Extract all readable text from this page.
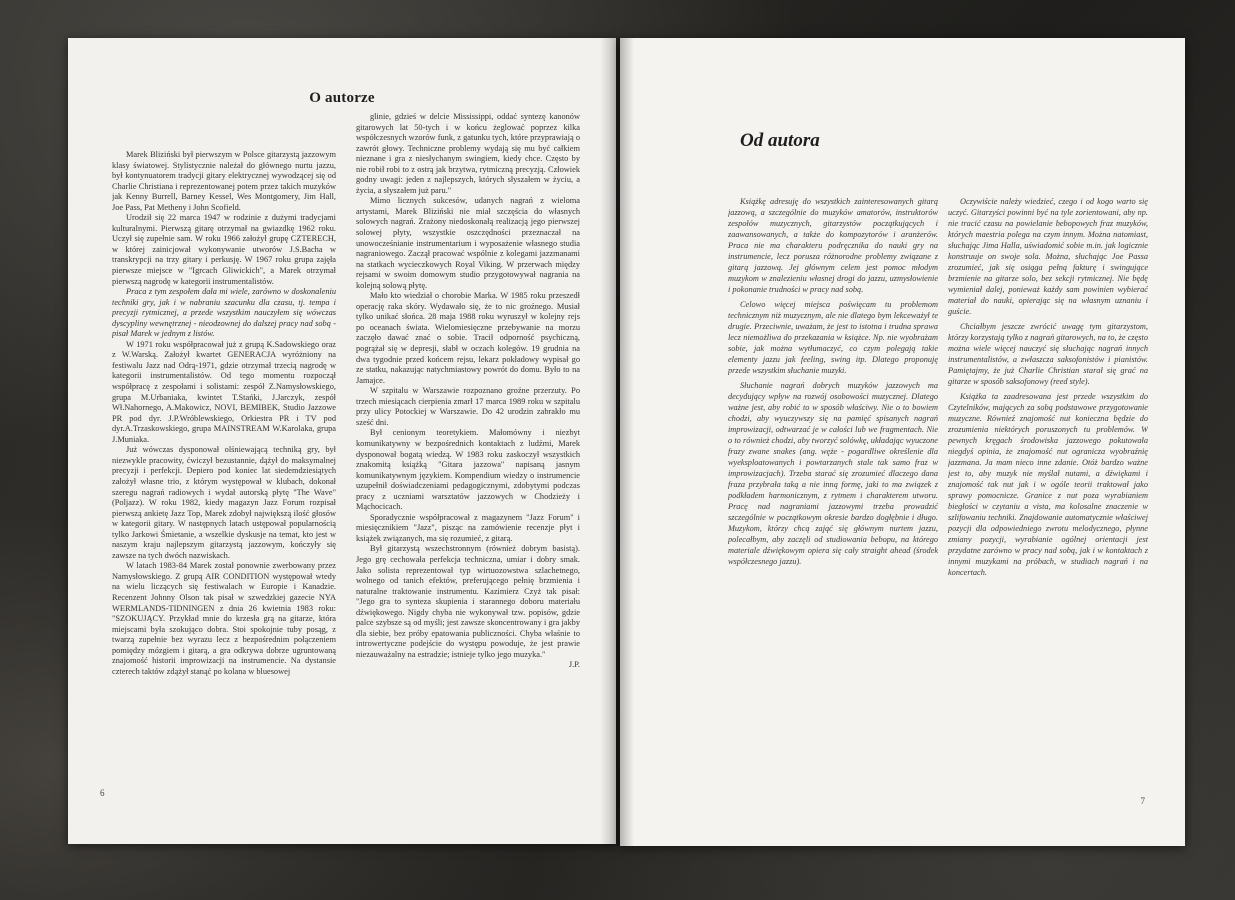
O autorze

Marek Bliziński był pierwszym w Polsce gitarzystą jazzowym klasy światowej. Stylistycznie należał do głównego nurtu jazzu, był kontynuatorem tradycji gitary elektrycznej wywodzącej się od Charlie Christiana i reprezentowanej potem przez takich muzyków jak Kenny Burrell, Barney Kessel, Wes Montgomery, Jim Hall, Joe Pass, Pat Metheny i John Scofield.

Urodził się 22 marca 1947 w rodzinie z dużymi tradycjami kulturalnymi. Pierwszą gitarę otrzymał na gwiazdkę 1962 roku. Uczył się zupełnie sam. W roku 1966 założył grupę CZTERECH, w której zainicjował wykonywanie utworów J.S.Bacha w transkrypcji na trzy gitary i perkusję. W 1967 roku grupa zajęła pierwsze miejsce w "Igrcach Gliwickich", a Marek otrzymał pierwszą nagrodę w kategorii instrumentalistów.

Praca z tym zespołem dała mi wiele, zarówno w doskonaleniu techniki gry, jak i w nabraniu szacunku dla czasu, tj. tempa i precyzji rytmicznej, a przede wszystkim nauczyłem się wówczas dyscypliny wewnętrznej - nieodzownej do dalszej pracy nad sobą - pisał Marek w jednym z listów.

W 1971 roku współpracował już z grupą K.Sadowskiego oraz z W.Warską. Założył kwartet GENERACJA wyróżniony na festiwalu Jazz nad Odrą-1971, gdzie otrzymał trzecią nagrodę w kategorii instrumentalistów. Od tego momentu rozpoczął współpracę z zespołami i solistami: zespół Z.Namysłowskiego, grupa M.Urbaniaka, kwintet T.Stańki, J.Jarczyk, zespół Wł.Nahornego, A.Makowicz, NOVI, BEMIBEK, Studio Jazzowe PR pod dyr. J.P.Wróblewskiego, Orkiestra PR i TV pod dyr.A.Trzaskowskiego, grupa MAINSTREAM W.Karolaka, grupa J.Muniaka.

Już wówczas dysponował olśniewającą techniką gry, był niezwykle pracowity, ćwiczył bezustannie, dążył do maksymalnej precyzji i perfekcji. Depiero pod koniec lat siedemdziesiątych założył własne trio, z którym występował w klubach, dokonał szeregu nagrań radiowych i wydał autorską płytę "The Wave" (Poljazz). W roku 1982, kiedy magazyn Jazz Forum rozpisał pierwszą ankietę Jazz Top, Marek zdobył największą ilość głosów w kategorii gitary. W następnych latach ustępował popularnością tylko Jarkowi Śmietanie, a wszelkie dyskusje na temat, kto jest w naszym kraju najlepszym gitarzystą jazzowym, kończyły się zawsze na tych dwóch nazwiskach.

W latach 1983-84 Marek został ponownie zwerbowany przez Namysłowskiego. Z grupą AIR CONDITION występował wtedy na wielu liczących się festiwalach w Europie i Kanadzie. Recenzent Johnny Olson tak pisał w szwedzkiej gazecie NYA WERMLANDS-TIDNINGEN z dnia 26 kwietnia 1983 roku: "SZOKUJĄCY. Przykład mnie do krzesła grą na gitarze, która miejscami była szokująco dobra. Stoi spokojnie tuby posąg, z twarzą zupełnie bez wyrazu lecz z bezpośrednim połączeniem pomiędzy mózgiem i gitarą, a gra odkrywa dobrze ugruntowaną znajomość historii improwizacji na instrumencie. Na dystansie czterech taktów zdążył stanąć po kolana w bluesowej

glinie, gdzieś w delcie Mississippi, oddać syntezę kanonów gitarowych lat 50-tych i w końcu żeglować poprzez kilka współczesnych wzorów funk, z gatunku tych, które przyprawiają o zawrót głowy. Techniczne problemy wydają się mu być całkiem nieznane i gra z niesłychanym swingiem, kiedy chce. Często by nie robił robi to z ostrą jak brzytwa, rytmiczną precyzją. Człowiek godny uwagi: jeden z najlepszych, których słyszałem w życiu, a życia, a słyszałem już paru."

Mimo licznych sukcesów, udanych nagrań z wieloma artystami, Marek Bliziński nie miał szczęścia do własnych solowych nagrań. Zrażony niedoskonałą realizacją jego pierwszej solowej płyty, wszystkie oszczędności przeznaczał na unowocześnianie instrumentarium i wyposażenie własnego studia nagraniowego. Zaczął pracować wspólnie z kolegami jazzmanami na statkach wycieczkowych Royal Viking. W przerwach między rejsami w swoim domowym studio przygotowywał nagrania na kolejną solową płytę.

Mało kto wiedział o chorobie Marka. W 1985 roku przeszedł operację raka skóry. Wydawało się, że to nic groźnego. Musiał tylko unikać słońca. 28 maja 1988 roku wyruszył w kolejny rejs po oceanach świata. Wielomiesięczne przebywanie na morzu zaczęło dawać znać o sobie. Tracił odporność psychiczną, pogrążał się w depresji, słabł w oczach kolegów. 19 grudnia na dwa tygodnie przed końcem rejsu, lekarz pokładowy wypisał go ze statku, nakazując natychmiastowy powrót do domu. Było to na Jamajce.

W szpitalu w Warszawie rozpoznano groźne przerzuty. Po trzech miesiącach cierpienia zmarł 17 marca 1989 roku w szpitalu przy ulicy Potockiej w Warszawie. Do 42 urodzin zabrakło mu sześć dni.

Był cenionym teoretykiem. Małomówny i niezbyt komunikatywny w bezpośrednich kontaktach z ludźmi, Marek dysponował bogatą wiedzą. W 1983 roku zaskoczył wszystkich znakomitą książką "Gitara jazzowa" napisaną jasnym komunikatywnym językiem. Kompendium wiedzy o instrumencie uzupełnił doświadczeniami pedagogicznymi, zdobytymi podczas pracy z uczniami warsztatów jazzowych w Chodzieży i Mąchocicach.

Sporadycznie współpracował z magazynem "Jazz Forum" i miesięcznikiem "Jazz", pisząc na zamówienie recenzje płyt i książek związanych, ma się rozumieć, z gitarą.

Był gitarzystą wszechstronnym (również dobrym basistą). Jego grę cechowała perfekcja techniczna, umiar i dobry smak. Jako solista reprezentował typ wirtuozowstwa szlachetnego, wolnego od tanich efektów, preferującego pełnię brzmienia i naturalne traktowanie instrumentu. Kazimierz Czyż tak pisał: "Jego gra to synteza skupienia i starannego doboru materiału dźwiękowego. Nigdy chyba nie wykonywał tzw. popisów, gdzie palce szybsze są od myśli; jest zawsze skoncentrowany i gra jakby dla siebie, bez próby epatowania publiczności. Chyba właśnie to introwertyczne podejście do występu powoduje, że jest prawie niezauważalny na estradzie; istnieje tylko jego muzyka."

J.P.

6

Od autora

Książkę adresuję do wszystkich zainteresowanych gitarą jazzową, a szczególnie do muzyków amatorów, instruktorów zespołów muzycznych, gitarzystów początkujących i zaawansowanych, a także do kompozytorów i aranżerów. Praca nie ma charakteru podręcznika do nauki gry na instrumencie, lecz porusza różnorodne problemy związane z gitarą jazzową. Jej głównym celem jest pomoc młodym muzykom w znalezieniu własnej drogi do jazzu, uzmysłowienie i pokonanie trudności w pracy nad sobą.

Celowo więcej miejsca poświęcam tu problemom technicznym niż muzycznym, ale nie dlatego bym lekceważył te drugie. Przeciwnie, uważam, że jest to istotna i trudna sprawa lecz niemożliwa do przekazania w książce. Np. nie wyobrażam sobie, jak można wytłumaczyć, co czym polegają takie elementy jazzu jak feeling, swing itp. Dlatego proponuję przede wszystkim słuchanie muzyki.

Słuchanie nagrań dobrych muzyków jazzowych ma decydujący wpływ na rozwój osobowości muzycznej. Dlatego ważne jest, aby robić to w sposób właściwy. Nie o to bowiem chodzi, aby wyuczywszy się na pamięć spisanych nagrań improwizacji, odtwarzać je w całości lub we fragmentach. Nie o to również chodzi, aby tworzyć solówkę, układając wyuczone frazy zwane snakes (ang. węże - pogardliwe określenie dla wyeksploatowanych i powtarzanych stale tak samo fraz w improwizacjach). Trzeba starać się zrozumieć dlaczego dana fraza przybrała taką a nie inną formę, jaki to ma związek z podkładem harmonicznym, z rytmem i charakterem utworu. Pracę nad nagraniami jazzowymi trzeba prowadzić szczególnie w początkowym okresie bardzo dogłębnie i długo. Muzykom, którzy chcą zająć się głównym nurtem jazzu, polecałbym, aby zaczęli od studiowania bebopu, na którego materiale dźwiękowym opiera się cały straight ahead (środek współczesnego jazzu).

Oczywiście należy wiedzieć, czego i od kogo warto się uczyć. Gitarzyści powinni być na tyle zorientowani, aby np. nie tracić czasu na powielanie bebopowych fraz muzyków, których maestria polega na czym innym. Można natomiast, słuchając Jima Halla, uświadomić sobie m.in. jak logicznie konstruuje on swoje sola. Można, słuchając Joe Passa zrozumieć, jak się osiąga pełną fakturę i swingujące brzmienie na gitarze solo, bez sekcji rytmicznej. Nie będę wymieniał dalej, ponieważ każdy sam powinien wybierać materiał do nauki, opierając się na własnym uznaniu i guście.

Chciałbym jeszcze zwrócić uwagę tym gitarzystom, którzy korzystają tylko z nagrań gitarowych, na to, że często można wiele więcej nauczyć się słuchając nagrań innych instrumentalistów, a zwłaszcza saksofonistów i pianistów. Pamiętajmy, że już Charlie Christian starał się grać na gitarze w sposób saksofonowy (reed style).

Książka ta zaadresowana jest przede wszystkim do Czytelników, mających za sobą podstawowe przygotowanie muzyczne. Równieź znajomość nut konieczna będzie do zrozumienia niektórych poruszonych tu problemów. W pewnych kręgach środowiska jazzowego pokutowała niegdyś opinia, że znajomość nut ogranicza wyobraźnię jazzmana. Ja mam nieco inne zdanie. Otóż bardzo ważne jest to, aby muzyk nie myślał nutami, a dźwiękami i znajomość tak nut jak i w ogóle teorii traktował jako sprawy pomocnicze. Granice z nut poza wyrabianiem biegłości w czytaniu a vista, ma kolosalne znaczenie w szlifowaniu techniki. Znajdowanie automatycznie właściwej pozycji dla odpowiedniego zwrotu melodycznego, płynne zmiany pozycji, wyrabianie ogólnej orientacji jest przydatne zarówno w pracy nad sobą, jak i w kontaktach z innymi muzykami na próbach, w studiach nagrań i na koncertach.

7
